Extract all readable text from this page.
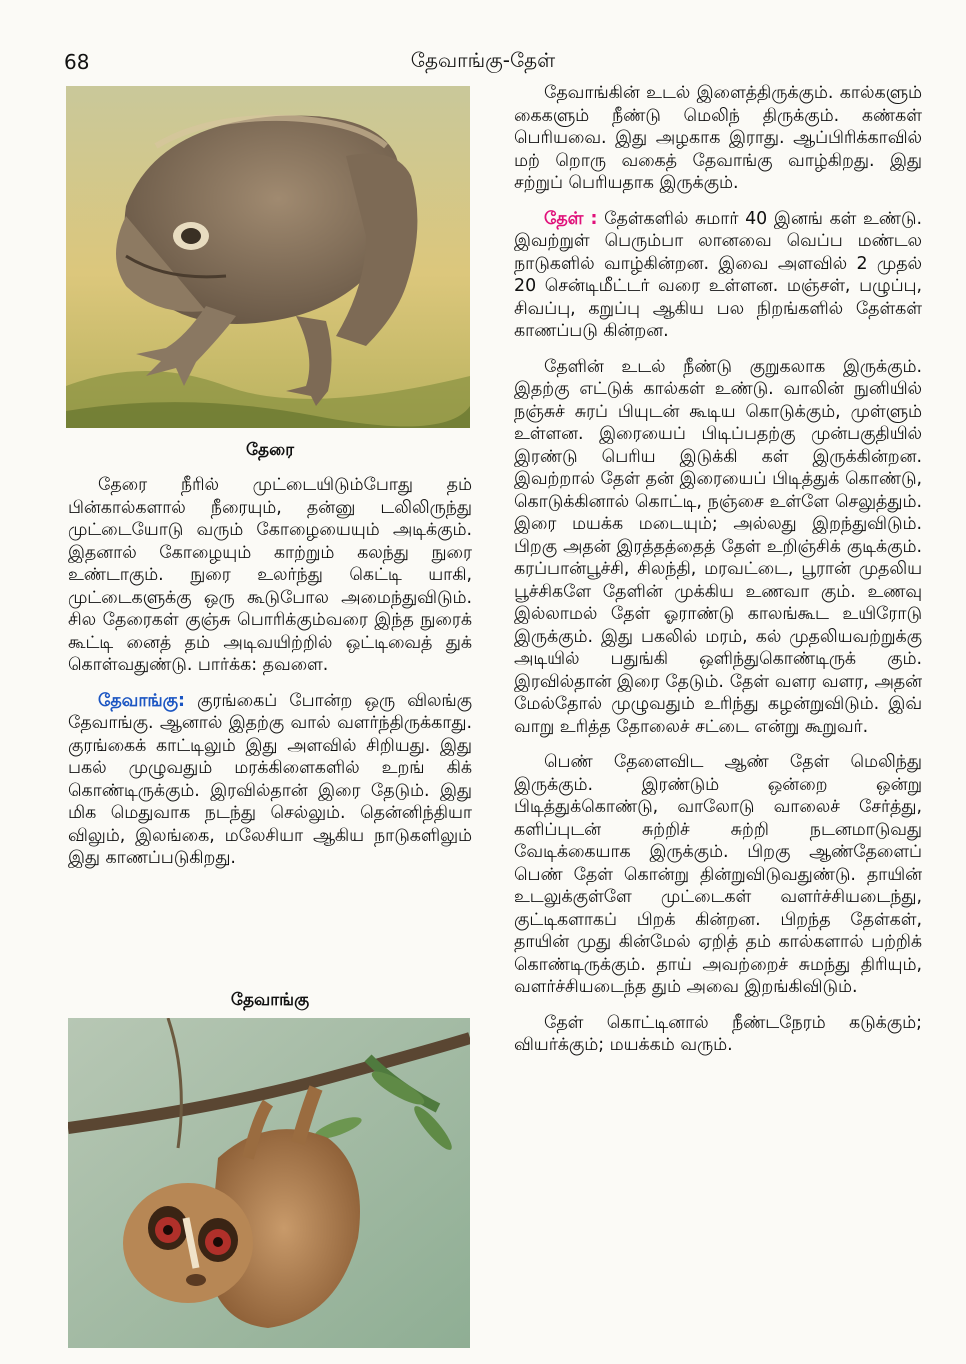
68	தேவாங்கு-தேள்
தேரை

தேரை நீரில் முட்டையிடும்போது தம் பின்கால்களால் நீரையும், தன்னு டலிலிருந்து முட்டையோடு வரும் கோழையையும் அடிக்கும். இதனால் கோழையும் காற்றும் கலந்து நுரை உண்டாகும். நுரை உலர்ந்து கெட்டி யாகி, முட்டைகளுக்கு ஒரு கூடுபோல அமைந்துவிடும். சில தேரைகள் குஞ்சு பொரிக்கும்வரை இந்த நுரைக் கூட்டி னைத் தம் அடிவயிற்றில் ஒட்டிவைத் துக் கொள்வதுண்டு. பார்க்க: தவளை.

தேவாங்கு: குரங்கைப் போன்ற ஒரு விலங்கு தேவாங்கு. ஆனால் இதற்கு வால் வளர்ந்திருக்காது. குரங்கைக் காட்டிலும் இது அளவில் சிறியது. இது பகல் முழுவதும் மரக்கிளைகளில் உறங் கிக் கொண்டிருக்கும். இரவில்தான் இரை தேடும். இது மிக மெதுவாக நடந்து செல்லும். தென்னிந்தியா விலும், இலங்கை, மலேசியா ஆகிய நாடுகளிலும் இது காணப்படுகிறது.

தேவாங்கு

தேவாங்கின் உடல் இளைத்திருக்கும். கால்களும் கைகளும் நீண்டு மெலிந் திருக்கும். கண்கள் பெரியவை. இது அழகாக இராது. ஆப்பிரிக்காவில் மற் றொரு வகைத் தேவாங்கு வாழ்கிறது. இது சற்றுப் பெரியதாக இருக்கும்.

தேள் : தேள்களில் சுமார் 40 இனங் கள் உண்டு. இவற்றுள் பெரும்பா லானவை வெப்ப மண்டல நாடுகளில் வாழ்கின்றன. இவை அளவில் 2 முதல் 20 சென்டிமீட்டர் வரை உள்ளன. மஞ்சள், பழுப்பு, சிவப்பு, கறுப்பு ஆகிய பல நிறங்களில் தேள்கள் காணப்படு கின்றன.

தேளின் உடல் நீண்டு குறுகலாக இருக்கும். இதற்கு எட்டுக் கால்கள் உண்டு. வாலின் நுனியில் நஞ்சுச் சுரப் பியுடன் கூடிய கொடுக்கும், முள்ளும் உள்ளன. இரையைப் பிடிப்பதற்கு முன்பகுதியில் இரண்டு பெரிய இடுக்கி கள் இருக்கின்றன. இவற்றால் தேள் தன் இரையைப் பிடித்துக் கொண்டு, கொடுக்கினால் கொட்டி, நஞ்சை உள்ளே செலுத்தும். இரை மயக்க மடையும்; அல்லது இறந்துவிடும். பிறகு அதன் இரத்தத்தைத் தேள் உறிஞ்சிக் குடிக்கும். கரப்பான்பூச்சி, சிலந்தி, மரவட்டை, பூரான் முதலிய பூச்சிகளே தேளின் முக்கிய உணவா கும். உணவு இல்லாமல் தேள் ஓராண்டு காலங்கூட உயிரோடு இருக்கும். இது பகலில் மரம், கல் முதலியவற்றுக்கு அடியில் பதுங்கி ஒளிந்துகொண்டிருக் கும். இரவில்தான் இரை தேடும். தேள் வளர வளர, அதன் மேல்தோல் முழுவதும் உரிந்து கழன்றுவிடும். இவ் வாறு உரித்த தோலைச் சட்டை என்று கூறுவர்.

பெண் தேளைவிட ஆண் தேள் மெலிந்து இருக்கும். இரண்டும் ஒன்றை ஒன்று பிடித்துக்கொண்டு, வாலோடு வாலைச் சேர்த்து, களிப்புடன் சுற்றிச் சுற்றி நடனமாடுவது வேடிக்கையாக இருக்கும். பிறகு ஆண்தேளைப் பெண் தேள் கொன்று தின்றுவிடுவதுண்டு. தாயின் உடலுக்குள்ளே முட்டைகள் வளர்ச்சியடைந்து, குட்டிகளாகப் பிறக் கின்றன. பிறந்த தேள்கள், தாயின் முது கின்மேல் ஏறித் தம் கால்களால் பற்றிக் கொண்டிருக்கும். தாய் அவற்றைச் சுமந்து திரியும், வளர்ச்சியடைந்த தும் அவை இறங்கிவிடும்.

தேள் கொட்டினால் நீண்டநேரம் கடுக்கும்; வியர்க்கும்; மயக்கம் வரும்.
